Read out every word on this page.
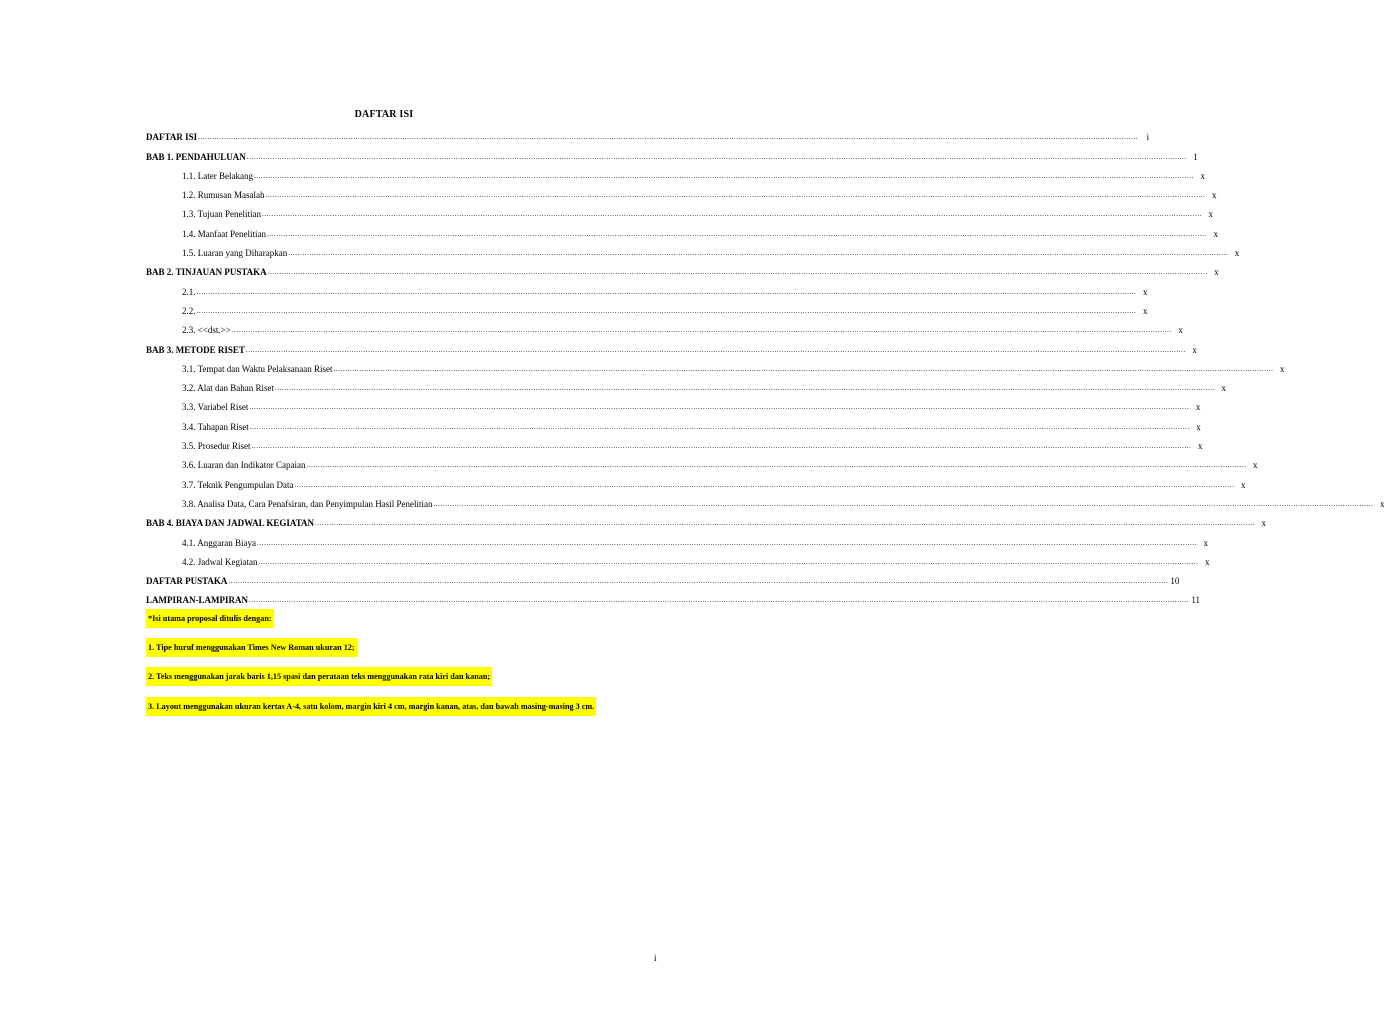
DAFTAR ISI
DAFTAR ISI ................................................................................................................................................................................................................................................................................................................................................................................................................ i
BAB 1. PENDAHULUAN ................................................................................................................................................................................................................................................................................................................................................................................................................ 1
1.1. Later Belakang ................................................................................................................................................................................................................................................................................................................................................................................................................ x
1.2. Rumusan Masalah ................................................................................................................................................................................................................................................................................................................................................................................................................ x
1.3. Tujuan Penelitian ................................................................................................................................................................................................................................................................................................................................................................................................................ x
1.4. Manfaat Penelitian ................................................................................................................................................................................................................................................................................................................................................................................................................ x
1.5. Luaran yang Diharapkan ................................................................................................................................................................................................................................................................................................................................................................................................................ x
BAB 2. TINJAUAN PUSTAKA ................................................................................................................................................................................................................................................................................................................................................................................................................ x
2.1. ................................................................................................................................................................................................................................................................................................................................................................................................................ x
2.2. ................................................................................................................................................................................................................................................................................................................................................................................................................ x
2.3. <<dst.>> ................................................................................................................................................................................................................................................................................................................................................................................................................ x
BAB 3. METODE RISET ................................................................................................................................................................................................................................................................................................................................................................................................................ x
3.1. Tempat dan Waktu Pelaksanaan Riset ................................................................................................................................................................................................................................................................................................................................................................................................................ x
3.2. Alat dan Bahan Riset ................................................................................................................................................................................................................................................................................................................................................................................................................ x
3.3. Variabel Riset ................................................................................................................................................................................................................................................................................................................................................................................................................ x
3.4. Tahapan Riset ................................................................................................................................................................................................................................................................................................................................................................................................................ x
3.5. Prosedur Riset ................................................................................................................................................................................................................................................................................................................................................................................................................ x
3.6. Luaran dan Indikator Capaian ................................................................................................................................................................................................................................................................................................................................................................................................................ x
3.7. Teknik Pengumpulan Data ................................................................................................................................................................................................................................................................................................................................................................................................................ x
3.8. Analisa Data, Cara Penafsiran, dan Penyimpulan Hasil Penelitian ................................................................................................................................................................................................................................................................................................................................................................................................................ x
BAB 4. BIAYA DAN JADWAL KEGIATAN ................................................................................................................................................................................................................................................................................................................................................................................................................ x
4.1. Anggaran Biaya ................................................................................................................................................................................................................................................................................................................................................................................................................ x
4.2. Jadwal Kegiatan ................................................................................................................................................................................................................................................................................................................................................................................................................ x
DAFTAR PUSTAKA ................................................................................................................................................................................................................................................................................................................................................................................................................ 10
LAMPIRAN-LAMPIRAN ................................................................................................................................................................................................................................................................................................................................................................................................................ 11
*Isi utama proposal ditulis dengan:
1. Tipe huruf menggunakan Times New Roman ukuran 12;
2. Teks menggunakan jarak baris 1,15 spasi dan perataan teks menggunakan rata kiri dan kanan;
3. Layout menggunakan ukuran kertas A-4, satu kolom, margin kiri 4 cm, margin kanan, atas, dan bawah masing-masing 3 cm.
i
